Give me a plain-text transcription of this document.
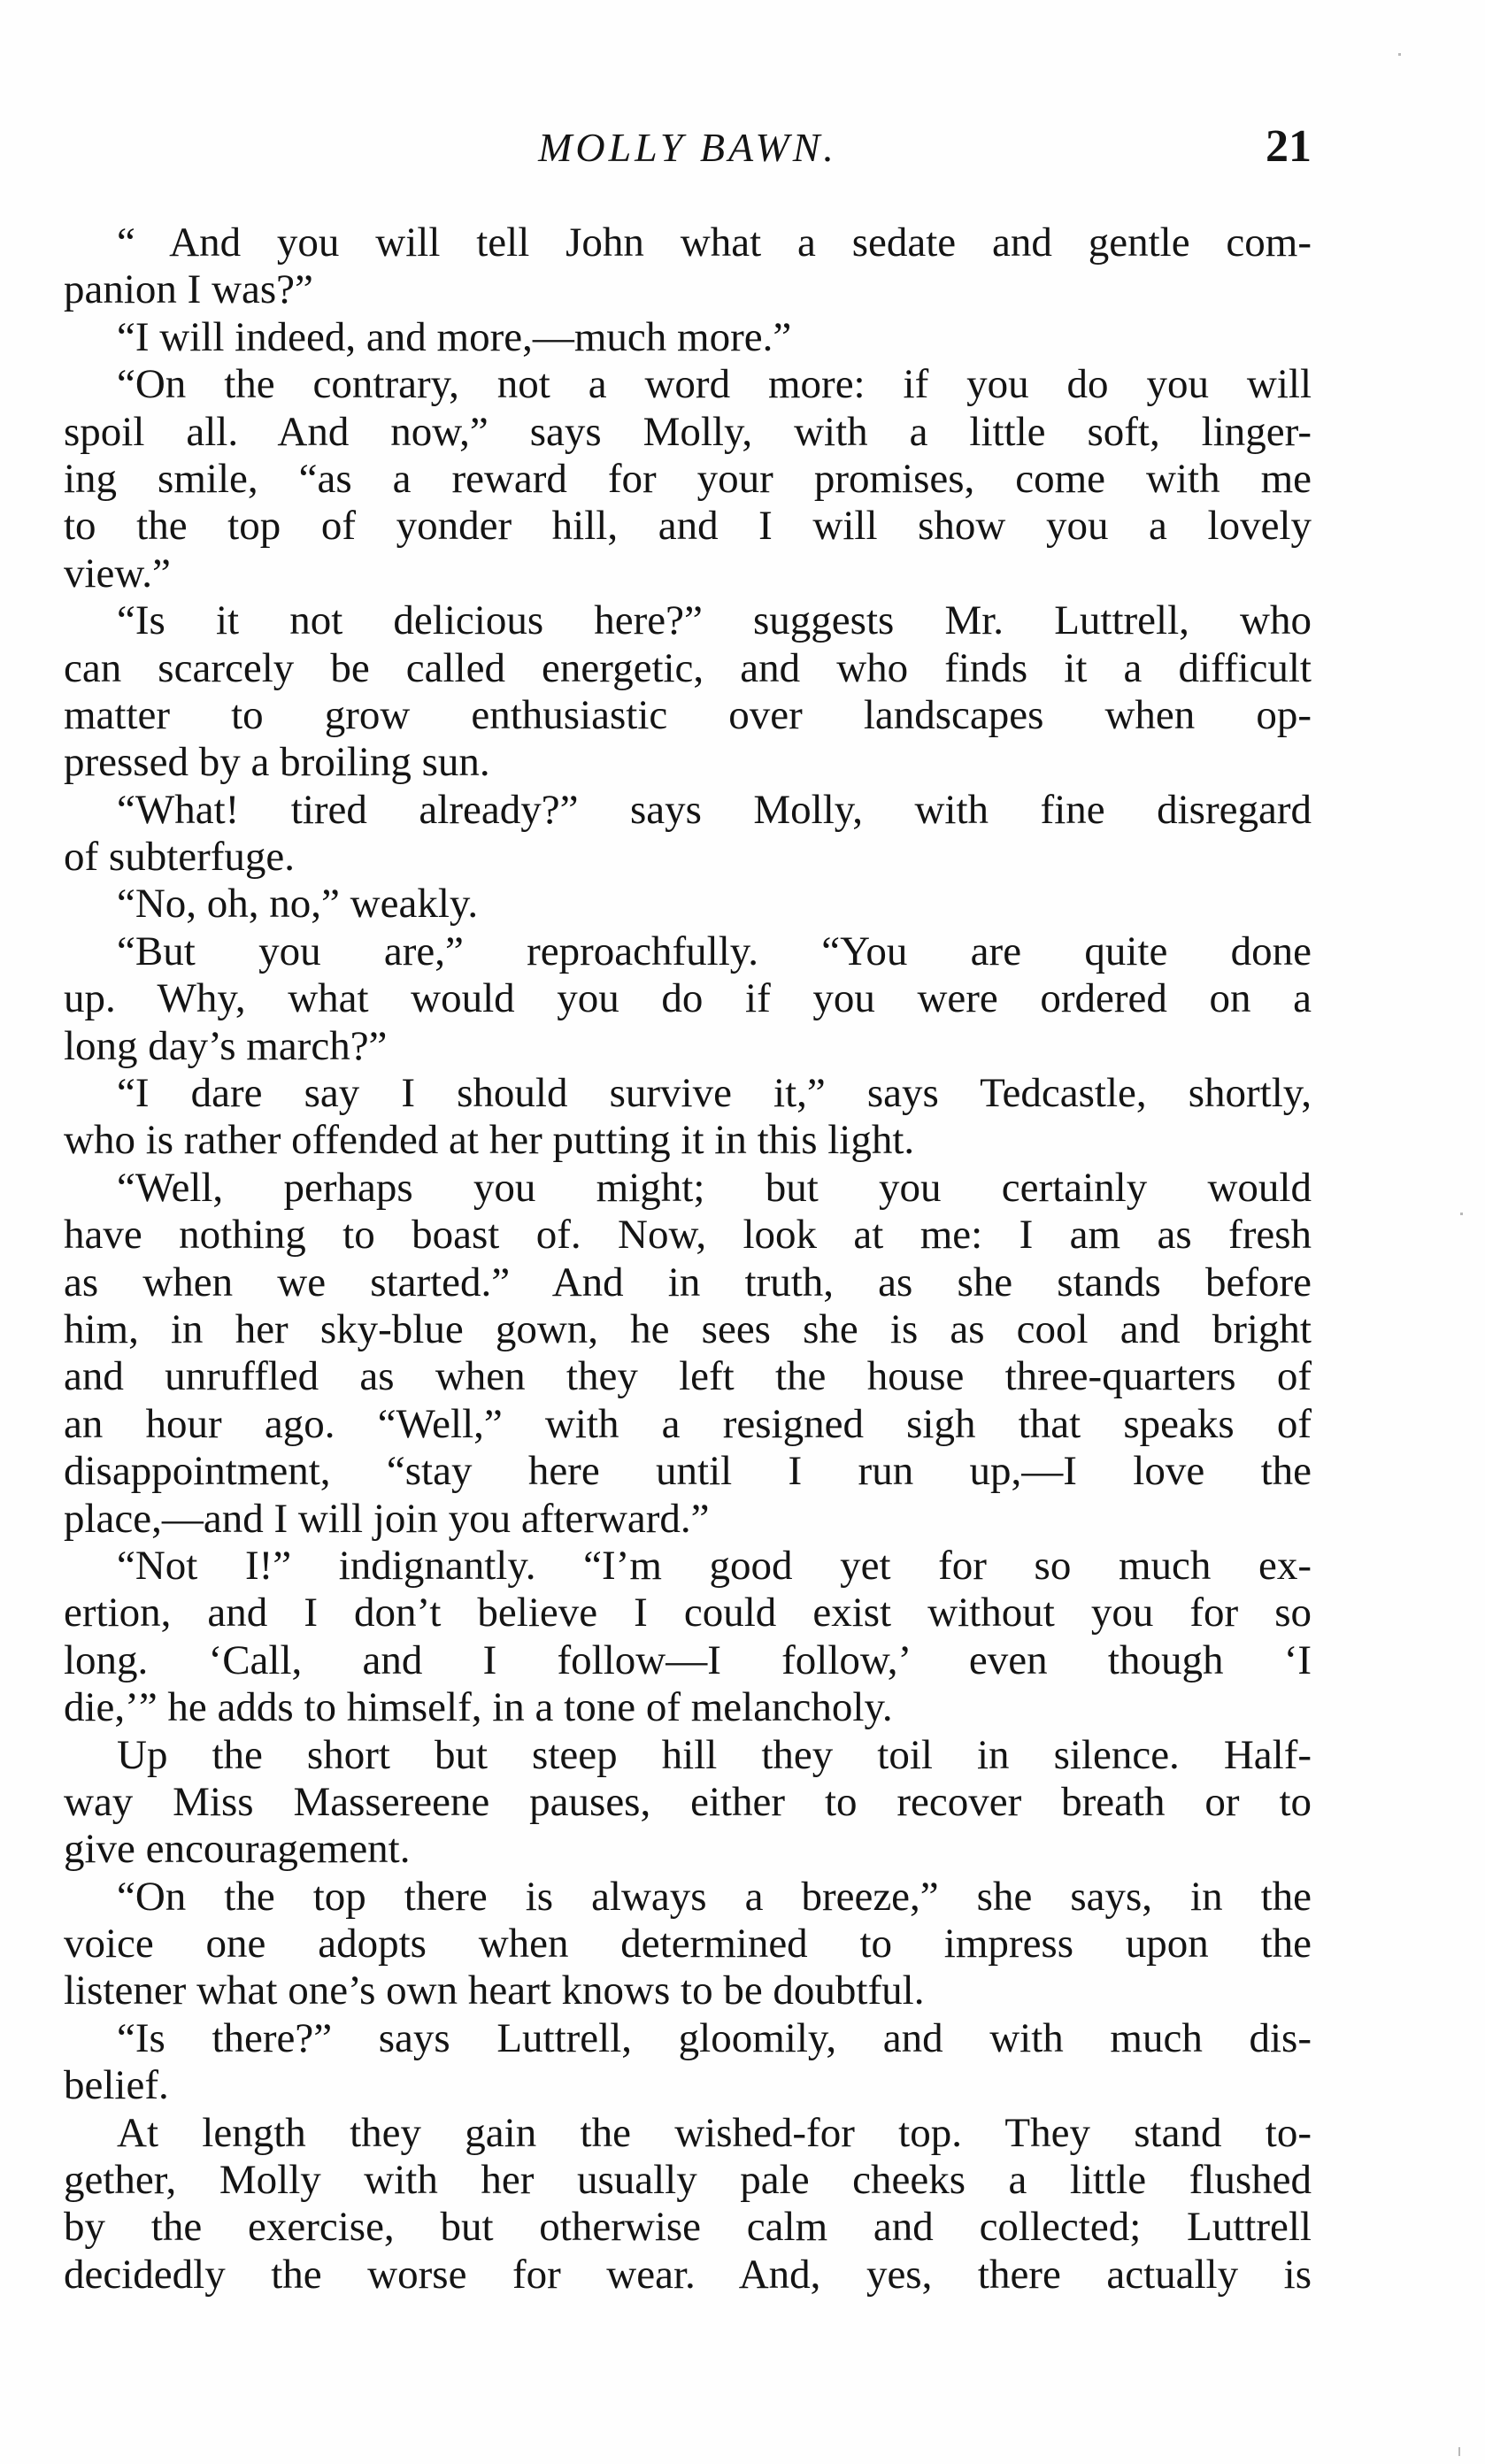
MOLLY BAWN.	21
“ And you will tell John what a sedate and gentle com-
panion I was?”
“I will indeed, and more,—much more.”
“On the contrary, not a word more: if you do you will
spoil all. And now,” says Molly, with a little soft, linger-
ing smile, “as a reward for your promises, come with me
to the top of yonder hill, and I will show you a lovely
view.”
“Is it not delicious here?” suggests Mr. Luttrell, who
can scarcely be called energetic, and who finds it a difficult
matter to grow enthusiastic over landscapes when op-
pressed by a broiling sun.
“What! tired already?” says Molly, with fine disregard
of subterfuge.
“No, oh, no,” weakly.
“But you are,” reproachfully. “You are quite done
up. Why, what would you do if you were ordered on a
long day’s march?”
“I dare say I should survive it,” says Tedcastle, shortly,
who is rather offended at her putting it in this light.
“Well, perhaps you might; but you certainly would
have nothing to boast of. Now, look at me: I am as fresh
as when we started.” And in truth, as she stands before
him, in her sky-blue gown, he sees she is as cool and bright
and unruffled as when they left the house three-quarters of
an hour ago. “Well,” with a resigned sigh that speaks of
disappointment, “stay here until I run up,—I love the
place,—and I will join you afterward.”
“Not I!” indignantly. “I’m good yet for so much ex-
ertion, and I don’t believe I could exist without you for so
long. ‘Call, and I follow—I follow,’ even though ‘I
die,’” he adds to himself, in a tone of melancholy.
Up the short but steep hill they toil in silence. Half-
way Miss Massereene pauses, either to recover breath or to
give encouragement.
“On the top there is always a breeze,” she says, in the
voice one adopts when determined to impress upon the
listener what one’s own heart knows to be doubtful.
“Is there?” says Luttrell, gloomily, and with much dis-
belief.
At length they gain the wished-for top. They stand to-
gether, Molly with her usually pale cheeks a little flushed
by the exercise, but otherwise calm and collected; Luttrell
decidedly the worse for wear. And, yes, there actually is
